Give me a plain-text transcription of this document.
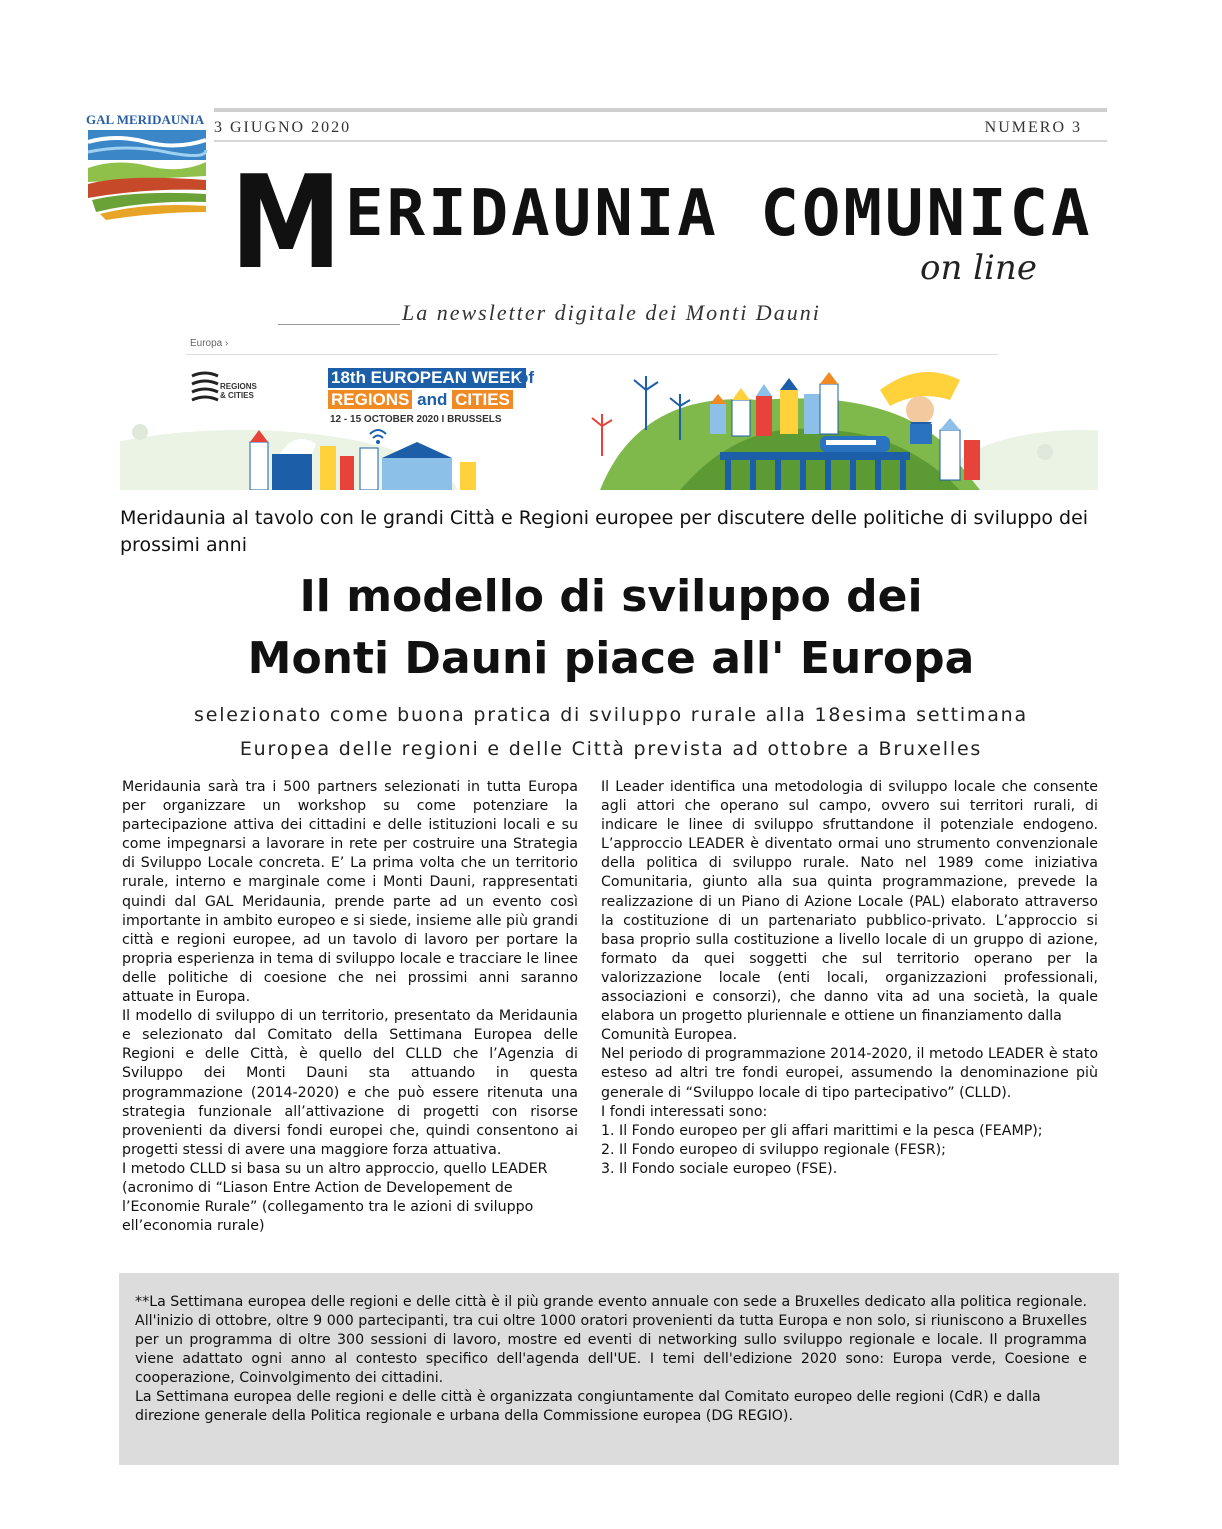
GAL MERIDAUNIA 3 GIUGNO 2020	NUMERO 3
M ERIDAUNIA COMUNICA
on line
La newsletter digitale dei Monti Dauni
Europa ›
REGIONS
& CITIES
18th EUROPEAN WEEK
of
REGIONS and CITIES
12 - 15 OCTOBER 2020 I BRUSSELS
Meridaunia al tavolo con le grandi Città e Regioni europee per discutere delle politiche di sviluppo dei prossimi anni
Il modello di sviluppo dei
Monti Dauni piace all' Europa
selezionato come buona pratica di sviluppo rurale alla 18esima settimana
Europea delle regioni e delle Città prevista ad ottobre a Bruxelles

Meridaunia sarà tra i 500 partners selezionati in tutta Europa per organizzare un workshop su come potenziare la partecipazione attiva dei cittadini e delle istituzioni locali e su come impegnarsi a lavorare in rete per costruire una Strategia di Sviluppo Locale concreta. E’ La prima volta che un territorio rurale, interno e marginale come i Monti Dauni, rappresentati quindi dal GAL Meridaunia, prende parte ad un evento così importante in ambito europeo e si siede, insieme alle più grandi città e regioni europee, ad un tavolo di lavoro per portare la propria esperienza in tema di sviluppo locale e tracciare le linee delle politiche di coesione che nei prossimi anni saranno attuate in Europa.

Il modello di sviluppo di un territorio, presentato da Meridaunia e selezionato dal Comitato della Settimana Europea delle Regioni e delle Città, è quello del CLLD che l’Agenzia di Sviluppo dei Monti Dauni sta attuando in questa programmazione (2014-2020) e che può essere ritenuta una strategia funzionale all’attivazione di progetti con risorse provenienti da diversi fondi europei che, quindi consentono ai progetti stessi di avere una maggiore forza attuativa.

I metodo CLLD si basa su un altro approccio, quello LEADER (acronimo di “Liason Entre Action de Developement de l’Economie Rurale” (collegamento tra le azioni di sviluppo ell’economia rurale)

Il Leader identifica una metodologia di sviluppo locale che consente agli attori che operano sul campo, ovvero sui territori rurali, di indicare le linee di sviluppo sfruttandone il potenziale endogeno. L’approccio LEADER è diventato ormai uno strumento convenzionale della politica di sviluppo rurale. Nato nel 1989 come iniziativa Comunitaria, giunto alla sua quinta programmazione, prevede la realizzazione di un Piano di Azione Locale (PAL) elaborato attraverso la costituzione di un partenariato pubblico-privato. L’approccio si basa proprio sulla costituzione a livello locale di un gruppo di azione, formato da quei soggetti che sul territorio operano per la valorizzazione locale (enti locali, organizzazioni professionali, associazioni e consorzi), che danno vita ad una società, la quale elabora un progetto pluriennale e ottiene un finanziamento dalla

Comunità Europea.

Nel periodo di programmazione 2014-2020, il metodo LEADER è stato esteso ad altri tre fondi europei, assumendo la denominazione più generale di “Sviluppo locale di tipo partecipativo” (CLLD).

I fondi interessati sono:

1. Il Fondo europeo per gli affari marittimi e la pesca (FEAMP);

2. Il Fondo europeo di sviluppo regionale (FESR);

3. Il Fondo sociale europeo (FSE).

**La Settimana europea delle regioni e delle città è il più grande evento annuale con sede a Bruxelles dedicato alla politica regionale. All'inizio di ottobre, oltre 9 000 partecipanti, tra cui oltre 1000 oratori provenienti da tutta Europa e non solo, si riuniscono a Bruxelles per un programma di oltre 300 sessioni di lavoro, mostre ed eventi di networking sullo sviluppo regionale e locale. Il programma viene adattato ogni anno al contesto specifico dell'agenda dell'UE. I temi dell'edizione 2020 sono: Europa verde, Coesione e cooperazione, Coinvolgimento dei cittadini.

La Settimana europea delle regioni e delle città è organizzata congiuntamente dal Comitato europeo delle regioni (CdR) e dalla direzione generale della Politica regionale e urbana della Commissione europea (DG REGIO).
